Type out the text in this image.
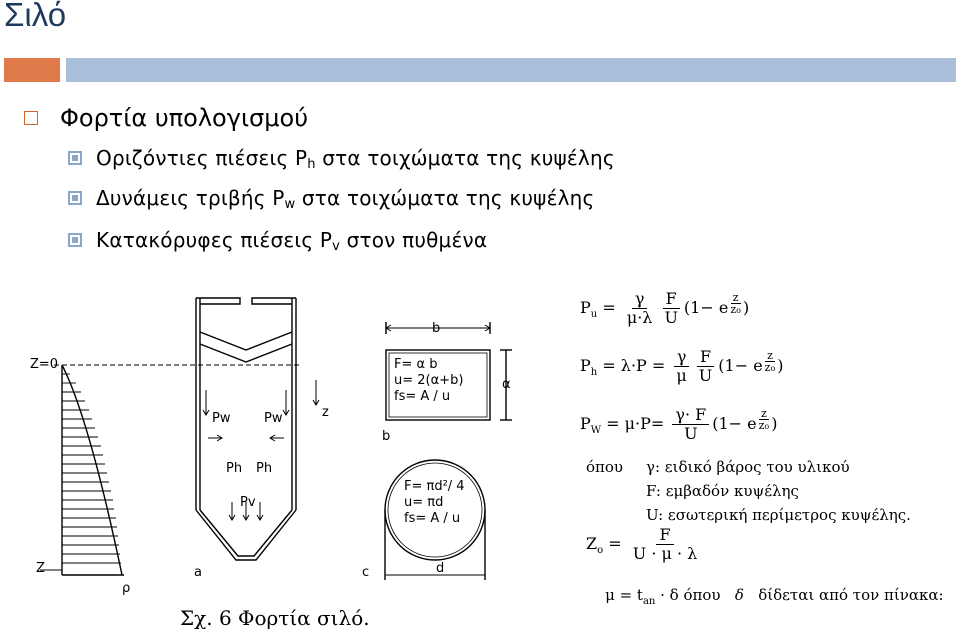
Σιλό
Φορτία υπολογισμού
Οριζόντιες πιέσεις P h στα τοιχώματα της κυψέλης
Δυνάμεις τριβής P w στα τοιχώματα της κυψέλης
Κατακόρυφες πιέσεις P v στον πυθμένα
Z=0
Z
ρ
a	c
b
b
α
d
z
Pw	Pw
Ph Ph
Pv
F= α b
u= 2(α+b)
fs= A / u
F= πd²/ 4
u= πd
fs= A / u
Σχ. 6 Φορτία σιλό.
$P_u = \frac{\gamma}{\mu\cdot\lambda} \frac{F}{U} (1- e \frac{z}{zo}$ )
$P_h = \lambda\cdot P = \frac{\gamma}{\mu} \frac{F}{U} (1- e \frac{z}{zo}$ )
$P_W = \mu\cdot P= \frac{\gamma\cdot F}{U} (1- e \frac{z}{zo}$ )
όπου γ: ειδικό βάρος του υλικού
F: εμβαδόν κυψέλης
U: εσωτερική περίμετρος κυψέλης.
$Z_o = \frac{F}{U \cdot \mu \cdot \lambda}$

$\mu = t_{an} \cdot \delta$ όπου δ δίδεται από τον πίνακα:
